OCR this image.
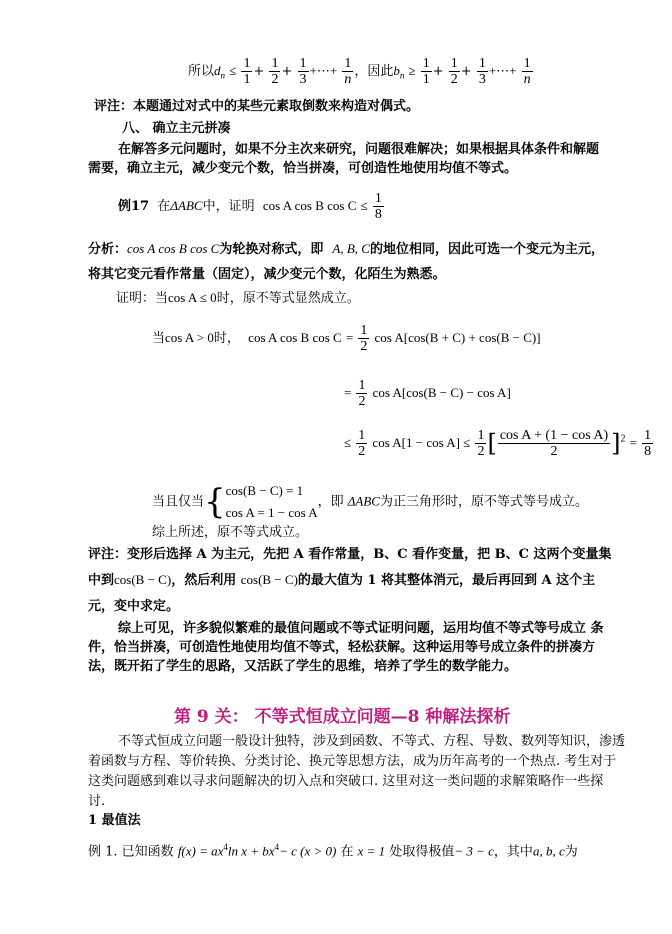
所以$d_n \le \frac{1}{1} + \frac{1}{2} + \frac{1}{3}$ +⋯+ $\frac{1}{n}$ ，因此$b_n \ge \frac{1}{1} + \frac{1}{2} + \frac{1}{3}$ +⋯+ $\frac{1}{n}$
评注：本题通过对式中的某些元素取倒数来构造对偶式。
八、 确立主元拼凑
在解答多元问题时，如果不分主次来研究，问题很难解决；如果根据具体条件和解题
需要，确立主元，减少变元个数，恰当拼凑，可创造性地使用均值不等式。
例17 在ΔABC中，证明 cos A cos B $\cos C \le \frac{1}{8}$
分析：cos A cos B cos C为轮换对称式，即 A, B, C的地位相同，因此可选一个变元为主元，
将其它变元看作常量（固定），减少变元个数，化陌生为熟悉。
证明：当cos A ≤ 0时，原不等式显然成立。
当cos A > 0时， cos A cos B $\cos C = \frac{1}{2}$ cos A[cos(B + C) + cos(B − C)]
= $\frac{1}{2}$ cos A[cos(B − C) − cos A]
≤ $\frac{1}{2}$ $\cos A[1 - \cos A] \le \frac{1}{2}$ [ $\frac{\text{cos A + (1 − cos A)}}{2} ]^2 = \frac{1}{8}$
当且仅当{ cos(B − C) = 1
cos A = 1 − cos A
，即 ΔABC为正三角形时，原不等式等号成立。
综上所述，原不等式成立。
评注：变形后选择 A 为主元，先把 A 看作常量，B、C 看作变量，把 B、C 这两个变量集
中到cos(B − C)，然后利用 cos(B − C)的最大值为 1 将其整体消元，最后再回到 A 这个主
元，变中求定。
综上可见，许多貌似繁难的最值问题或不等式证明问题，运用均值不等式等号成立 条
件，恰当拼凑，可创造性地使用均值不等式，轻松获解。这种运用等号成立条件的拼凑方
法，既开拓了学生的思路，又活跃了学生的思维，培养了学生的数学能力。
第 9 关： 不等式恒成立问题—8 种解法探析
不等式恒成立问题一般设计独特，涉及到函数、不等式、方程、导数、数列等知识，渗透
着函数与方程、等价转换、分类讨论、换元等思想方法，成为历年高考的一个热点. 考生对于
这类问题感到难以寻求问题解决的切入点和突破口. 这里对这一类问题的求解策略作一些探
讨.
1 最值法
例 1. 已知函数 $f(x) = ax^4\ln$ $x + bx^4- c$ (x > 0) 在 x = 1 处取得极值− 3 − c，其中a, b, c为
